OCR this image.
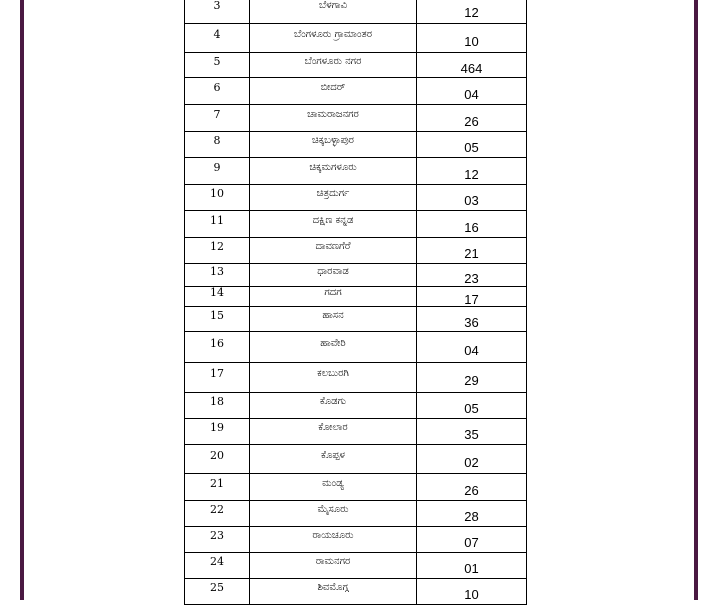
3	ಬೆಳಗಾವಿ	12
4	ಬೆಂಗಳೂರು ಗ್ರಾಮಾಂತರ	10
5	ಬೆಂಗಳೂರು ನಗರ	464
6	ಬೀದರ್	04
7	ಚಾಮರಾಜನಗರ	26
8	ಚಿಕ್ಕಬಳ್ಳಾಪುರ	05
9	ಚಿಕ್ಕಮಗಳೂರು	12
10	ಚಿತ್ರದುರ್ಗ	03
11	ದಕ್ಷಿಣ ಕನ್ನಡ	16
12	ದಾವಣಗೆರೆ	21
13	ಧಾರವಾಡ	23
14	ಗದಗ	17
15	ಹಾಸನ	36
16	ಹಾವೇರಿ	04
17	ಕಲಬುರಗಿ	29
18	ಕೊಡಗು	05
19	ಕೋಲಾರ	35
20	ಕೊಪ್ಪಳ	02
21	ಮಂಡ್ಯ	26
22	ಮೈಸೂರು	28
23	ರಾಯಚೂರು	07
24	ರಾಮನಗರ	01
25	ಶಿವಮೊಗ್ಗ	10
